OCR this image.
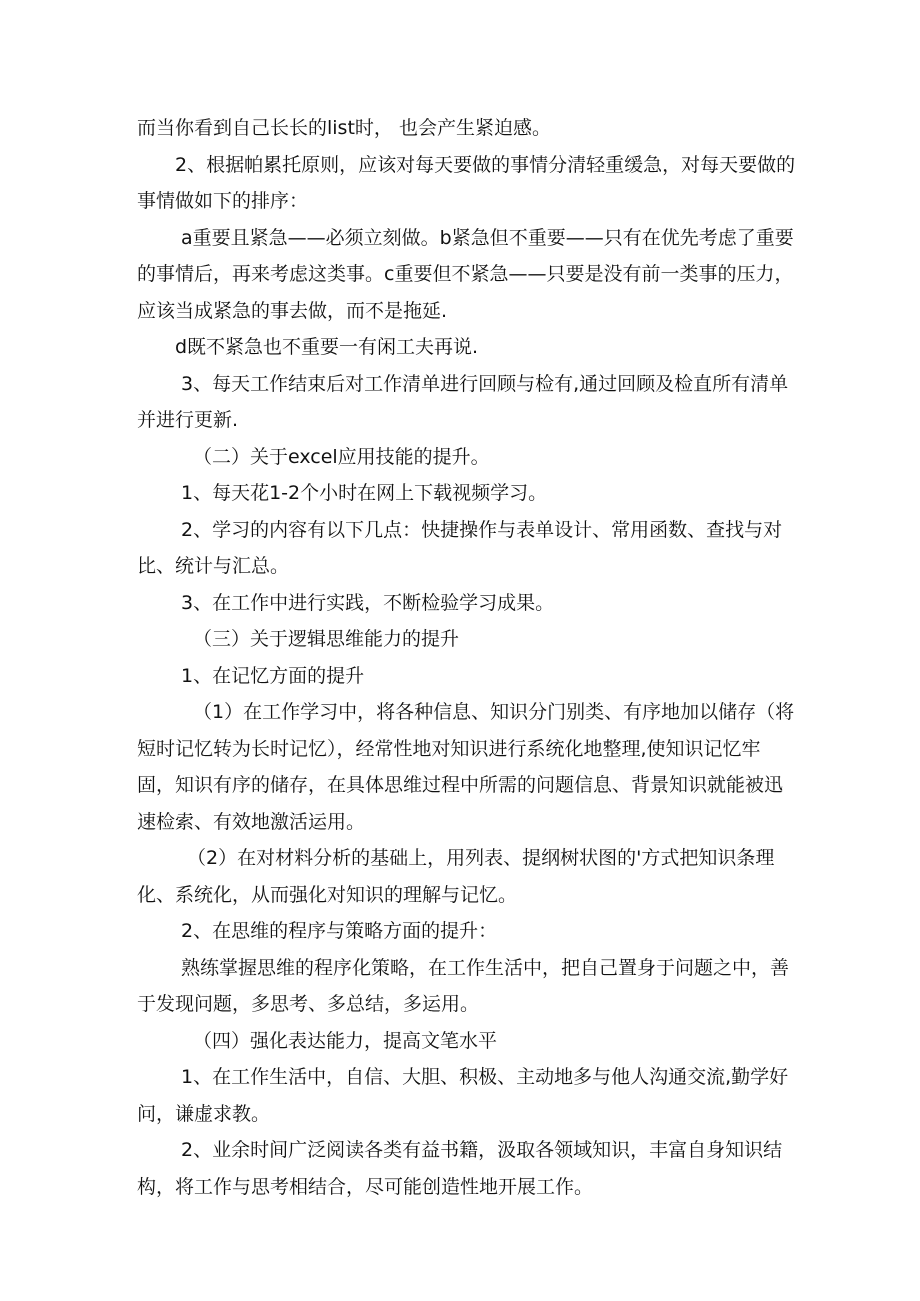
而当你看到自己长长的list时， 也会产生紧迫感。

2、根据帕累托原则，应该对每天要做的事情分清轻重缓急，对每天要做的事情做如下的排序：

a重要且紧急——必须立刻做。b紧急但不重要——只有在优先考虑了重要的事情后，再来考虑这类事。c重要但不紧急——只要是没有前一类事的压力，应该当成紧急的事去做，而不是拖延.

d既不紧急也不重要一有闲工夫再说.

3、每天工作结束后对工作清单进行回顾与检有,通过回顾及检直所有清单并进行更新.

（二）关于excel应用技能的提升。

1、每天花1-2个小时在网上下载视频学习。

2、学习的内容有以下几点：快捷操作与表单设计、常用函数、查找与对比、统计与汇总。

3、在工作中进行实践，不断检验学习成果。

（三）关于逻辑思维能力的提升

1、在记忆方面的提升

（1）在工作学习中，将各种信息、知识分门别类、有序地加以储存（将短时记忆转为长时记忆），经常性地对知识进行系统化地整理,使知识记忆牢固，知识有序的储存，在具体思维过程中所需的问题信息、背景知识就能被迅速检索、有效地激活运用。

（2）在对材料分析的基础上，用列表、提纲树状图的'方式把知识条理化、系统化，从而强化对知识的理解与记忆。

2、在思维的程序与策略方面的提升：

熟练掌握思维的程序化策略，在工作生活中，把自己置身于问题之中，善于发现问题，多思考、多总结，多运用。

（四）强化表达能力，提高文笔水平

1、在工作生活中，自信、大胆、积极、主动地多与他人沟通交流,勤学好问，谦虚求教。

2、业余时间广泛阅读各类有益书籍，汲取各领域知识，丰富自身知识结构，将工作与思考相结合，尽可能创造性地开展工作。
